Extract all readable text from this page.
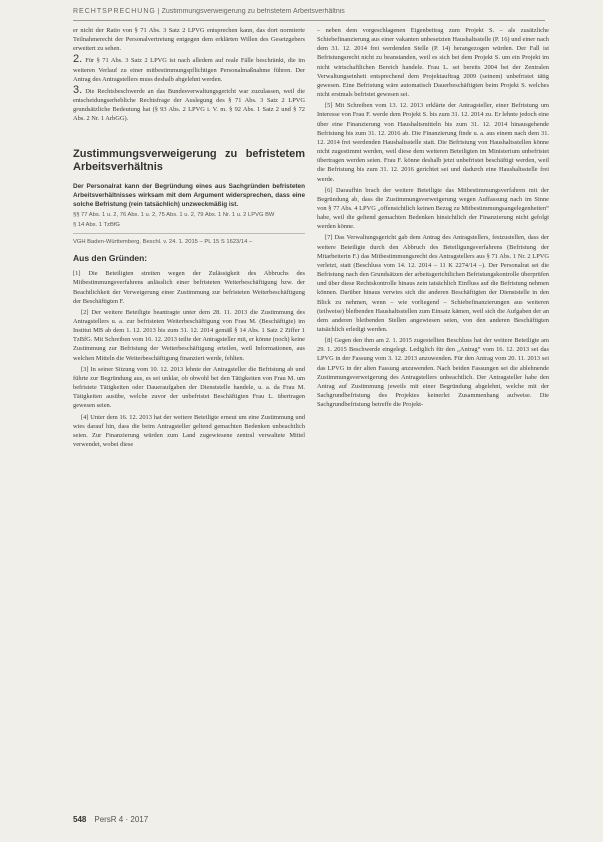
RECHTSPRECHUNG | Zustimmungsverweigerung zu befristetem Arbeitsverhältnis

er nicht der Ratio von § 71 Abs. 3 Satz 2 LPVG entsprechen kann, das dort normierte Teilnahmerecht der Personalvertretung entgegen dem erklärten Willen des Gesetzgebers erweitert zu sehen.

2. Für § 71 Abs. 3 Satz 2 LPVG ist nach alledem auf reale Fälle beschränkt, die im weiteren Verlauf zu einer mitbestimmungspflichtigen Personalmaßnahme führen. Der Antrag des Antragstellers muss deshalb abgelehnt werden.

3. Die Rechtsbeschwerde an das Bundesverwaltungsgericht war zuzulassen, weil die entscheidungserhebliche Rechtsfrage der Auslegung des § 71 Abs. 3 Satz 2 LPVG grundsätzliche Bedeutung hat (§ 93 Abs. 2 LPVG i. V. m. § 92 Abs. 1 Satz 2 und § 72 Abs. 2 Nr. 1 ArbGG).

Zustimmungsverweigerung zu befristetem Arbeitsverhältnis

Der Personalrat kann der Begründung eines aus Sachgründen befristeten Arbeitsverhältnisses wirksam mit dem Argument widersprechen, dass eine solche Befristung (rein tatsächlich) unzweckmäßig ist.

§§ 77 Abs. 1 u. 2, 76 Abs. 1 u. 2, 75 Abs. 1 u. 2, 79 Abs. 1 Nr. 1 u. 2 LPVG BW
§ 14 Abs. 1 TzBfG
VGH Baden-Württemberg, Beschl. v. 24. 1. 2015 – PL 15 S 1623/14 –
Aus den Gründen:

[1] Die Beteiligten streiten wegen der Zulässigkeit des Abbruchs des Mitbestimmungsverfahrens anlässlich einer befristeten Weiterbeschäftigung bzw. der Beachtlichkeit der Verweigerung einer Zustimmung zur befristeten Weiterbeschäftigung der Beschäftigten F.

[2] Der weitere Beteiligte beantragte unter dem 28. 11. 2013 die Zustimmung des Antragstellers u. a. zur befristeten Weiterbeschäftigung von Frau M. (Beschäftigte) im Institut MB ab dem 1. 12. 2013 bis zum 31. 12. 2014 gemäß § 14 Abs. 1 Satz 2 Ziffer 1 TzBfG. Mit Schreiben vom 16. 12. 2013 teilte der Antragsteller mit, er könne (noch) keine Zustimmung zur Befristung der Weiterbeschäftigung erteilen, weil Informationen, aus welchen Mitteln die Weiterbeschäftigung finanziert werde, fehlten.

[3] In seiner Sitzung vom 10. 12. 2013 lehnte der Antragsteller die Befristung ab und führte zur Begründung aus, es sei unklar, ob obwohl bei den Tätigkeiten von Frau M. um befristete Tätigkeiten oder Daueraufgaben der Dienststelle handele, u. a. da Frau M. Tätigkeiten ausübe, welche zuvor der unbefristet Beschäftigten Frau L. übertragen gewesen seien.

[4] Unter dem 16. 12. 2013 hat der weitere Beteiligte erneut um eine Zustimmung und wies darauf hin, dass die beim Antragsteller geltend gemachten Bedenken unbeachtlich seien. Zur Finanzierung würden zum Land zugewiesene zentral verwaltete Mittel verwendet, wobei diese

– neben dem vorgeschlagenen Eigenbeitrag zum Projekt S. – als zusätzliche Schiebefinanzierung aus einer vakanten unbesetzten Haushaltsstelle (P. 16) und einer nach dem 31. 12. 2014 frei werdenden Stelle (P. 14) herangezogen würden. Der Fall ist Befristungsrecht nicht zu beanstanden, weil es sich bei dem Projekt S. um ein Projekt im nicht wirtschaftlichen Bereich handele. Frau L. sei bereits 2004 bei der Zentralen Verwaltungseinheit entsprechend dem Projektauftrag 2009 (seinem) unbefristet tätig gewesen. Eine Befristung wäre automatisch Dauerbeschäftigten beim Projekt S. welches nicht erstmals befristet gewesen sei.

[5] Mit Schreiben vom 13. 12. 2013 erklärte der Antragsteller, einer Befristung um Interesse von Frau F. werde dem Projekt S. bis zum 31. 12. 2014 zu. Er lehnte jedoch eine über eine Finanzierung von Haushaltsmitteln bis zum 31. 12. 2014 hinausgehende Befristung bis zum 31. 12. 2016 ab. Die Finanzierung finde u. a. aus einem nach dem 31. 12. 2014 frei werdenden Haushaltsstelle statt. Die Befristung von Haushaltsstellen könne nicht zugestimmt werden, weil diese dem weiteren Beteiligten im Ministerium unbefristet übertragen werden seien. Frau F. könne deshalb jetzt unbefristet beschäftigt werden, weil die Befristung bis zum 31. 12. 2016 gerichtet sei und dadurch eine Haushaltsstelle frei werde.

[6] Daraufhin brach der weitere Beteiligte das Mitbestimmungsverfahren mit der Begründung ab, dass die Zustimmungsverweigerung wegen Auffassung nach im Sinne von § 77 Abs. 4 LPVG „offensichtlich keinen Bezug zu Mitbestimmungsangelegenheiten“ habe, weil die geltend gemachten Bedenken hinsichtlich der Finanzierung nicht gefolgt werden könne.

[7] Das Verwaltungsgericht gab dem Antrag des Antragstellers, festzustellen, dass der weitere Beteiligte durch den Abbruch des Beteiligungsverfahrens (Befristung der Mitarbeiterin F.) das Mitbestimmungsrecht des Antragstellers aus § 71 Abs. 1 Nr. 2 LPVG verletzt, statt (Beschluss vom 14. 12. 2014 – 11 K 2274/14 –). Der Personalrat sei die Befristung nach den Grundsätzen der arbeitsgerichtlichen Befristungskontrolle überprüfen und über diese Rechtskontrolle hinaus zein tatsächlich Einfluss auf die Befristung nehmen können. Darüber hinaus verwies sich die anderen Beschäftigten der Dienststelle in den Blick zu nehmen, wenn – wie vorliegend – Schiebefinanzierungen aus weiteren (teilweise) bleibenden Haushaltsstellen zum Einsatz kämen, weil sich die Aufgaben der an dem anderen bleibenden Stellen angewiesen seien, von den anderen Beschäftigten tatsächlich erledigt werden.

[8] Gegen den ihm am 2. 1. 2015 zugestellten Beschluss hat der weitere Beteiligte am 29. 1. 2015 Beschwerde eingelegt. Lediglich für den „Antrag“ vom 16. 12. 2013 sei das LPVG in der Fassung vom 3. 12. 2013 anzuwenden. Für den Antrag vom 20. 11. 2013 sei das LPVG in der alten Fassung anzuwenden. Nach beiden Fassungen sei die ablehnende Zustimmungsverweigerung des Antragstellers unbeachtlich. Der Antragsteller habe den Antrag auf Zustimmung jeweils mit einer Begründung abgelehnt, welche mit der Sachgrundbefristung des Projektes keinerlei Zusammenhang aufweise. Die Sachgrundbefristung betreffe die Projekt-

548 PersR 4 · 2017
